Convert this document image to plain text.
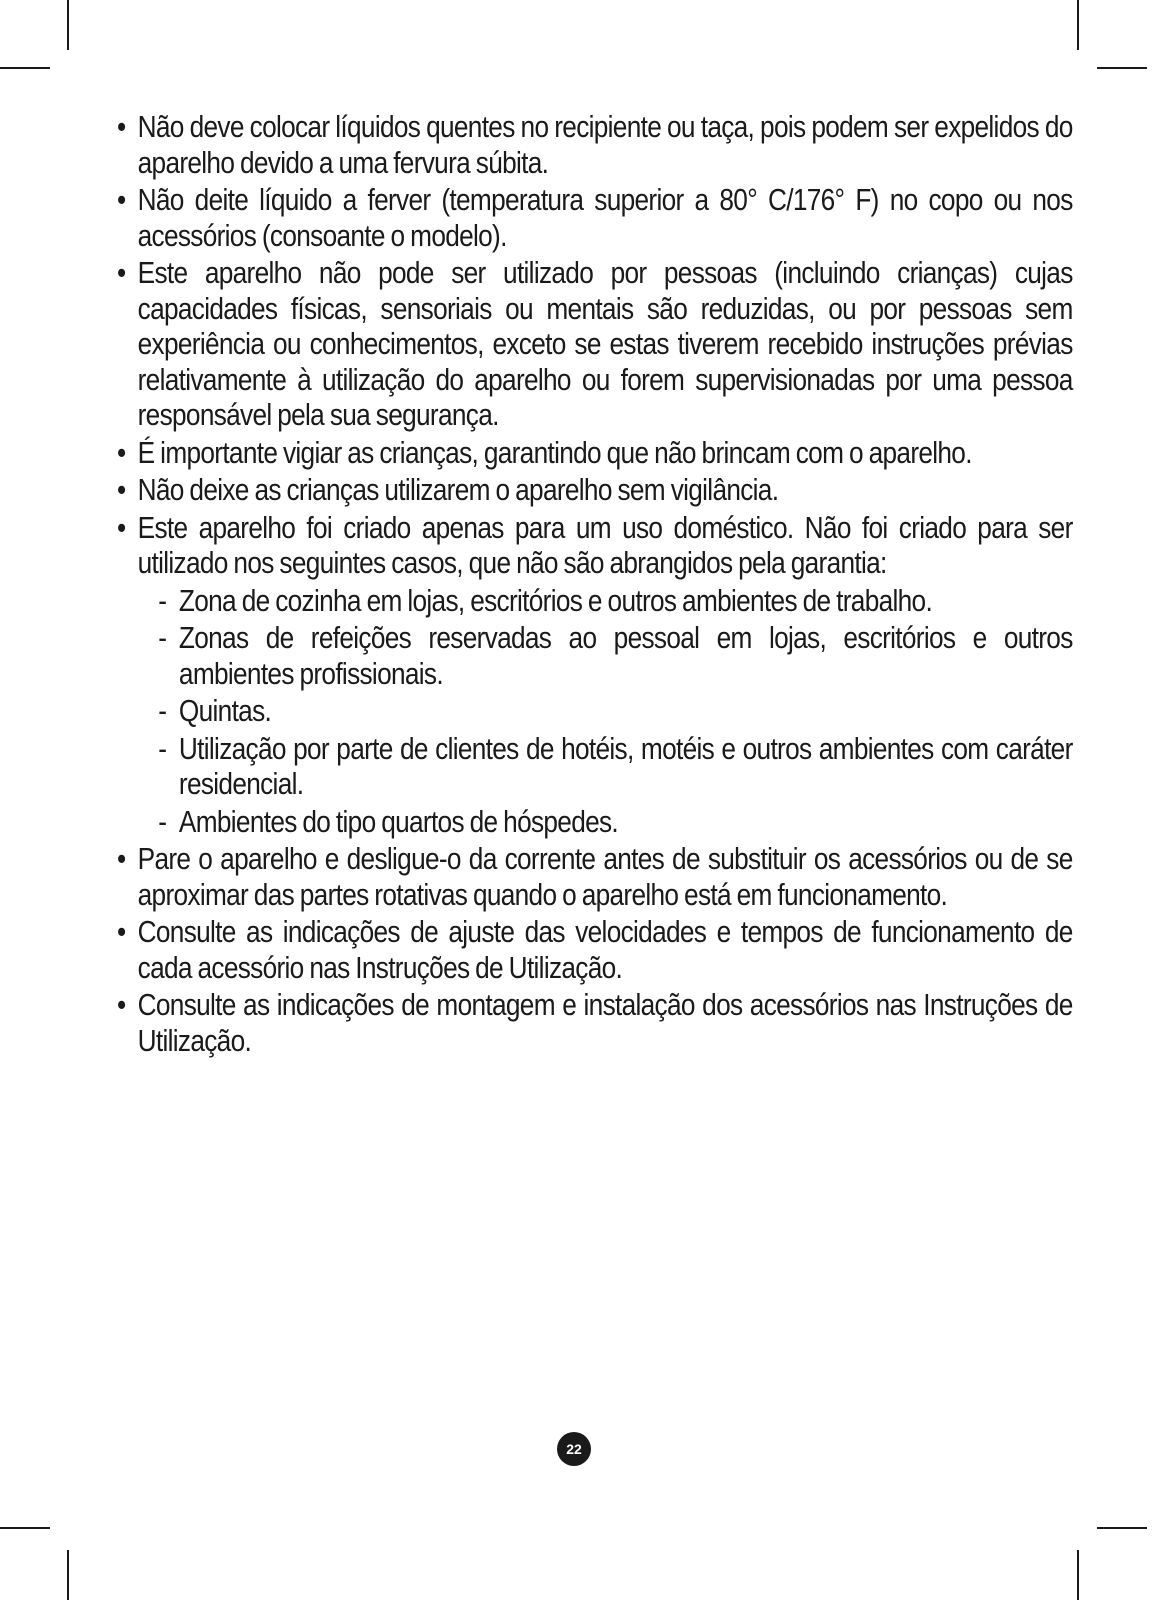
• Não deve colocar líquidos quentes no recipiente ou taça, pois podem ser expelidos do aparelho devido a uma fervura súbita.
• Não deite líquido a ferver (temperatura superior a 80° C/176° F) no copo ou nos acessórios (consoante o modelo).
• Este aparelho não pode ser utilizado por pessoas (incluindo crianças) cujas capacidades físicas, sensoriais ou mentais são reduzidas, ou por pessoas sem experiência ou conhecimentos, exceto se estas tiverem recebido instruções prévias relativamente à utilização do aparelho ou forem supervisionadas por uma pessoa responsável pela sua segurança.
• É importante vigiar as crianças, garantindo que não brincam com o aparelho.
• Não deixe as crianças utilizarem o aparelho sem vigilância.
• Este aparelho foi criado apenas para um uso doméstico. Não foi criado para ser utilizado nos seguintes casos, que não são abrangidos pela garantia:
- Zona de cozinha em lojas, escritórios e outros ambientes de trabalho.
- Zonas de refeições reservadas ao pessoal em lojas, escritórios e outros ambientes profissionais.
- Quintas.
- Utilização por parte de clientes de hotéis, motéis e outros ambientes com caráter residencial.
- Ambientes do tipo quartos de hóspedes.
• Pare o aparelho e desligue-o da corrente antes de substituir os acessórios ou de se aproximar das partes rotativas quando o aparelho está em funcionamento.
• Consulte as indicações de ajuste das velocidades e tempos de funcionamento de cada acessório nas Instruções de Utilização.
• Consulte as indicações de montagem e instalação dos acessórios nas Instruções de Utilização.
22
